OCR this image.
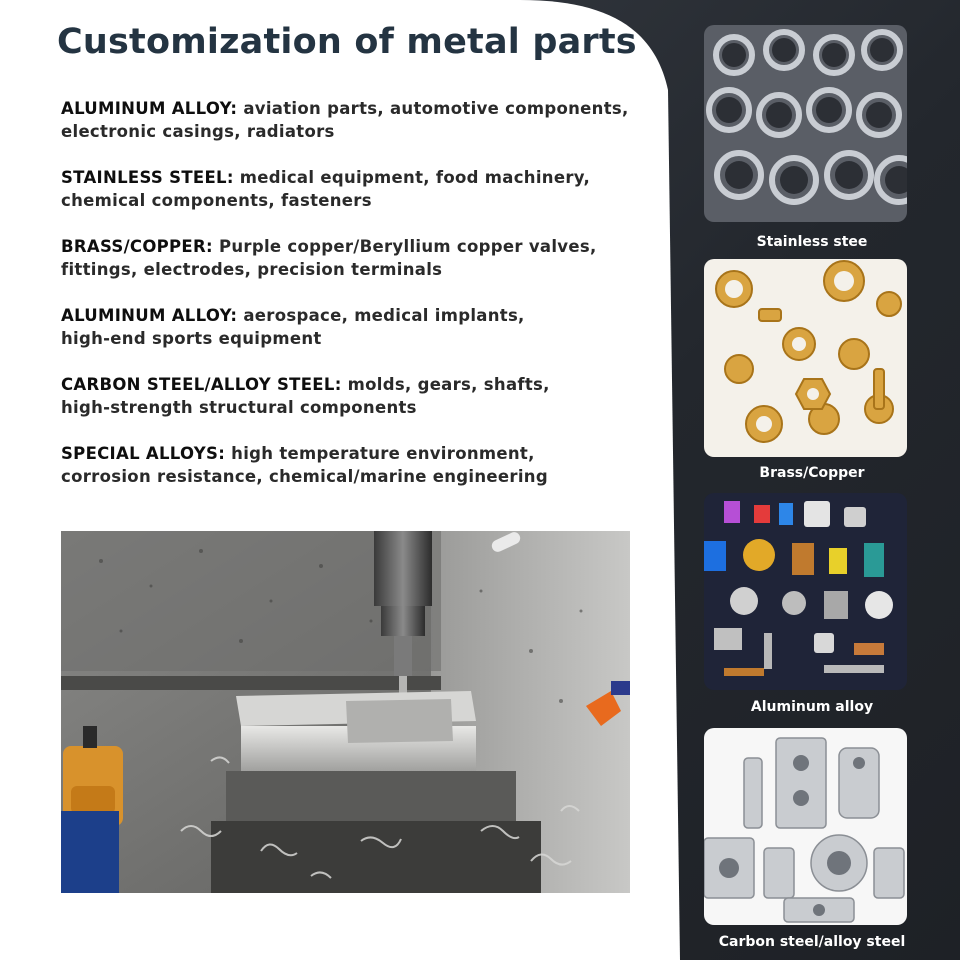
Customization of metal parts
ALUMINUM ALLOY: aviation parts, automotive components,
electronic casings, radiators
STAINLESS STEEL: medical equipment, food machinery,
chemical components, fasteners
BRASS/COPPER: Purple copper/Beryllium copper valves,
fittings, electrodes, precision terminals
ALUMINUM ALLOY: aerospace, medical implants,
high-end sports equipment
CARBON STEEL/ALLOY STEEL: molds, gears, shafts,
high-strength structural components
SPECIAL ALLOYS: high temperature environment,
corrosion resistance, chemical/marine engineering
Stainless stee
Brass/Copper
Aluminum alloy
Carbon steel/alloy steel
